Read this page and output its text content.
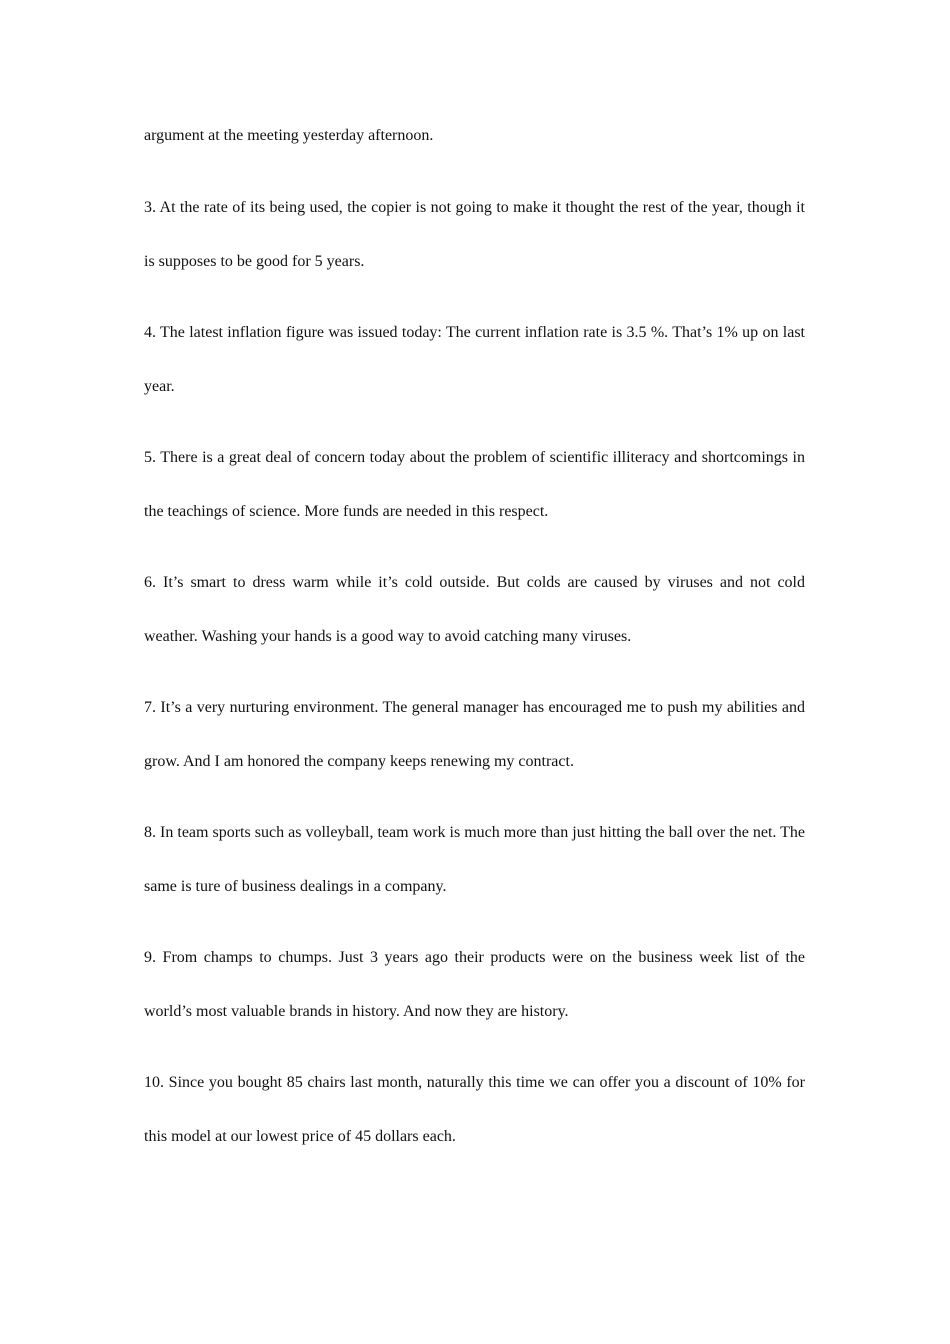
argument at the meeting yesterday afternoon.

3. At the rate of its being used, the copier is not going to make it thought the rest of the year, though it is supposes to be good for 5 years.

4. The latest inflation figure was issued today: The current inflation rate is 3.5 %. That’s 1% up on last year.

5. There is a great deal of concern today about the problem of scientific illiteracy and shortcomings in the teachings of science. More funds are needed in this respect.

6. It’s smart to dress warm while it’s cold outside. But colds are caused by viruses and not cold weather. Washing your hands is a good way to avoid catching many viruses.

7. It’s a very nurturing environment. The general manager has encouraged me to push my abilities and grow. And I am honored the company keeps renewing my contract.

8. In team sports such as volleyball, team work is much more than just hitting the ball over the net. The same is ture of business dealings in a company.

9. From champs to chumps. Just 3 years ago their products were on the business week list of the world’s most valuable brands in history. And now they are history.

10. Since you bought 85 chairs last month, naturally this time we can offer you a discount of 10% for this model at our lowest price of 45 dollars each.
